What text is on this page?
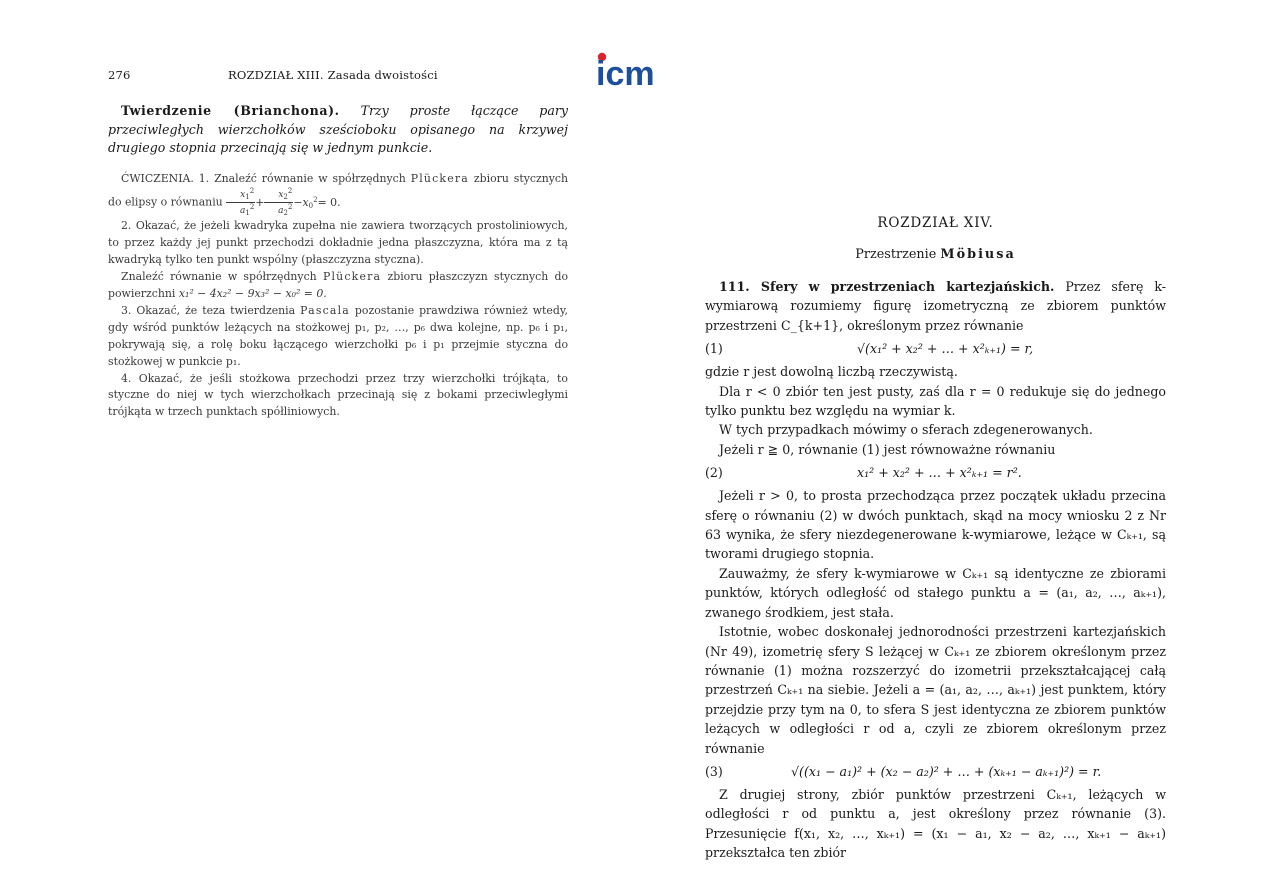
icm
276	ROZDZIAŁ XIII. Zasada dwoistości
Twierdzenie (Brianchona). Trzy proste łączące pary przeciwległych wierzchołków sześcioboku opisanego na krzywej drugiego stopnia przecinają się w jednym punkcie.

ĆWICZENIA. 1. Znaleźć równanie w spółrzędnych Plückera zbioru stycznych do elipsy o równaniu $\frac{x_1^2}{a_1^2} + \frac{x_2^2}{a_2^2} -x_0^2= 0$.

2. Okazać, że jeżeli kwadryka zupełna nie zawiera tworzących prostoliniowych, to przez każdy jej punkt przechodzi dokładnie jedna płaszczyzna, która ma z tą kwadryką tylko ten punkt wspólny (płaszczyzna styczna).

Znaleźć równanie w spółrzędnych Plückera zbioru płaszczyzn stycznych do powierzchni x₁² − 4x₂² − 9x₃² − x₀² = 0.

3. Okazać, że teza twierdzenia Pascala pozostanie prawdziwa również wtedy, gdy wśród punktów leżących na stożkowej p₁, p₂, …, p₆ dwa kolejne, np. p₆ i p₁, pokrywają się, a rolę boku łączącego wierzchołki p₆ i p₁ przejmie styczna do stożkowej w punkcie p₁.

4. Okazać, że jeśli stożkowa przechodzi przez trzy wierzchołki trójkąta, to styczne do niej w tych wierzchołkach przecinają się z bokami przeciwległymi trójkąta w trzech punktach spółliniowych.

ROZDZIAŁ XIV.
Przestrzenie Möbiusa

111. Sfery w przestrzeniach kartezjańskich. Przez sferę k-wymiarową rozumiemy figurę izometryczną ze zbiorem punktów przestrzeni C_{k+1}, określonym przez równanie

(1)	√(x₁² + x₂² + … + x²ₖ₊₁) = r,

gdzie r jest dowolną liczbą rzeczywistą.

Dla r < 0 zbiór ten jest pusty, zaś dla r = 0 redukuje się do jednego tylko punktu bez względu na wymiar k.

W tych przypadkach mówimy o sferach zdegenerowanych.

Jeżeli r ≧ 0, równanie (1) jest równoważne równaniu

(2)	x₁² + x₂² + … + x²ₖ₊₁ = r².

Jeżeli r > 0, to prosta przechodząca przez początek układu przecina sferę o równaniu (2) w dwóch punktach, skąd na mocy wniosku 2 z Nr 63 wynika, że sfery niezdegenerowane k-wymiarowe, leżące w Cₖ₊₁, są tworami drugiego stopnia.

Zauważmy, że sfery k-wymiarowe w Cₖ₊₁ są identyczne ze zbiorami punktów, których odległość od stałego punktu a = (a₁, a₂, …, aₖ₊₁), zwanego środkiem, jest stała.

Istotnie, wobec doskonałej jednorodności przestrzeni kartezjańskich (Nr 49), izometrię sfery S leżącej w Cₖ₊₁ ze zbiorem określonym przez równanie (1) można rozszerzyć do izometrii przekształcającej całą przestrzeń Cₖ₊₁ na siebie. Jeżeli a = (a₁, a₂, …, aₖ₊₁) jest punktem, który przejdzie przy tym na 0, to sfera S jest identyczna ze zbiorem punktów leżących w odległości r od a, czyli ze zbiorem określonym przez równanie

(3)	√((x₁ − a₁)² + (x₂ − a₂)² + … + (xₖ₊₁ − aₖ₊₁)²) = r.

Z drugiej strony, zbiór punktów przestrzeni Cₖ₊₁, leżących w odległości r od punktu a, jest określony przez równanie (3). Przesunięcie f(x₁, x₂, …, xₖ₊₁) = (x₁ − a₁, x₂ − a₂, …, xₖ₊₁ − aₖ₊₁) przekształca ten zbiór
